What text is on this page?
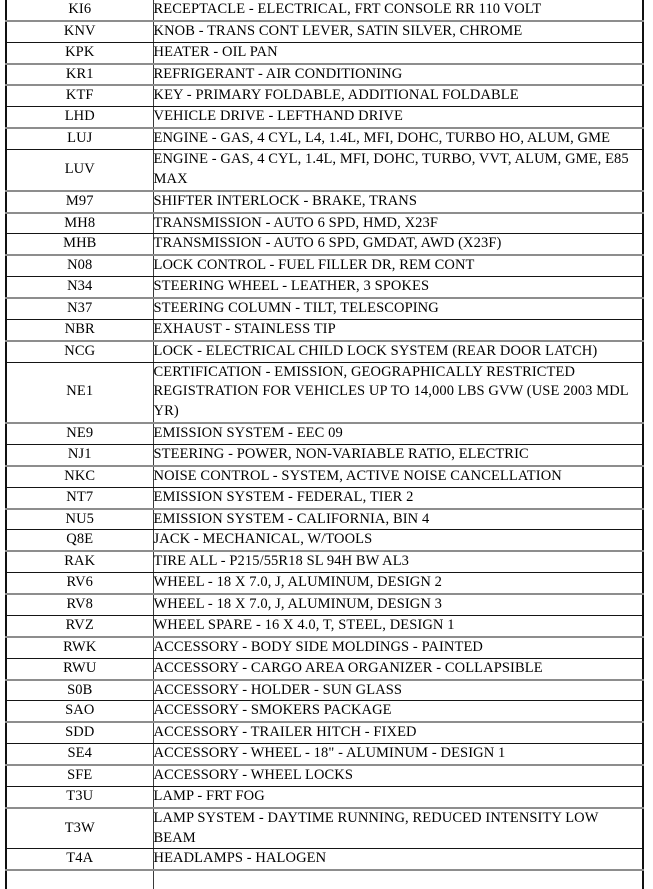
KI6	RECEPTACLE - ELECTRICAL, FRT CONSOLE RR 110 VOLT
KNV	KNOB - TRANS CONT LEVER, SATIN SILVER, CHROME
KPK	HEATER - OIL PAN
KR1	REFRIGERANT - AIR CONDITIONING
KTF	KEY - PRIMARY FOLDABLE, ADDITIONAL FOLDABLE
LHD	VEHICLE DRIVE - LEFTHAND DRIVE
LUJ	ENGINE - GAS, 4 CYL, L4, 1.4L, MFI, DOHC, TURBO HO, ALUM, GME
LUV	ENGINE - GAS, 4 CYL, 1.4L, MFI, DOHC, TURBO, VVT, ALUM, GME, E85 MAX
M97	SHIFTER INTERLOCK - BRAKE, TRANS
MH8	TRANSMISSION - AUTO 6 SPD, HMD, X23F
MHB	TRANSMISSION - AUTO 6 SPD, GMDAT, AWD (X23F)
N08	LOCK CONTROL - FUEL FILLER DR, REM CONT
N34	STEERING WHEEL - LEATHER, 3 SPOKES
N37	STEERING COLUMN - TILT, TELESCOPING
NBR	EXHAUST - STAINLESS TIP
NCG	LOCK - ELECTRICAL CHILD LOCK SYSTEM (REAR DOOR LATCH)
NE1	CERTIFICATION - EMISSION, GEOGRAPHICALLY RESTRICTED REGISTRATION FOR VEHICLES UP TO 14,000 LBS GVW (USE 2003 MDL YR)
NE9	EMISSION SYSTEM - EEC 09
NJ1	STEERING - POWER, NON-VARIABLE RATIO, ELECTRIC
NKC	NOISE CONTROL - SYSTEM, ACTIVE NOISE CANCELLATION
NT7	EMISSION SYSTEM - FEDERAL, TIER 2
NU5	EMISSION SYSTEM - CALIFORNIA, BIN 4
Q8E	JACK - MECHANICAL, W/TOOLS
RAK	TIRE ALL - P215/55R18 SL 94H BW AL3
RV6	WHEEL - 18 X 7.0, J, ALUMINUM, DESIGN 2
RV8	WHEEL - 18 X 7.0, J, ALUMINUM, DESIGN 3
RVZ	WHEEL SPARE - 16 X 4.0, T, STEEL, DESIGN 1
RWK	ACCESSORY - BODY SIDE MOLDINGS - PAINTED
RWU	ACCESSORY - CARGO AREA ORGANIZER - COLLAPSIBLE
S0B	ACCESSORY - HOLDER - SUN GLASS
SAO	ACCESSORY - SMOKERS PACKAGE
SDD	ACCESSORY - TRAILER HITCH - FIXED
SE4	ACCESSORY - WHEEL - 18" - ALUMINUM - DESIGN 1
SFE	ACCESSORY - WHEEL LOCKS
T3U	LAMP - FRT FOG
T3W	LAMP SYSTEM - DAYTIME RUNNING, REDUCED INTENSITY LOW BEAM
T4A	HEADLAMPS - HALOGEN
